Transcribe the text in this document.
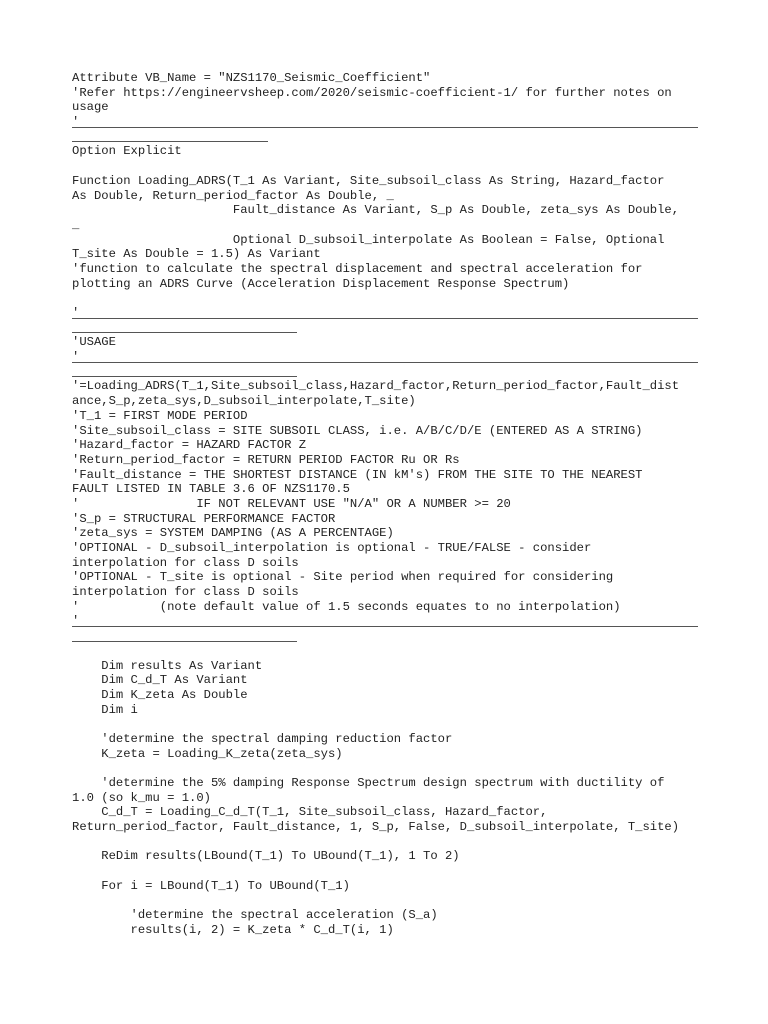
Attribute VB_Name = "NZS1170_Seismic_Coefficient"
'Refer https://engineervsheep.com/2020/seismic-coefficient-1/ for further notes on
usage
'
Option Explicit
Function Loading_ADRS(T_1 As Variant, Site_subsoil_class As String, Hazard_factor
As Double, Return_period_factor As Double, _
Fault_distance As Variant, S_p As Double, zeta_sys As Double,
_
Optional D_subsoil_interpolate As Boolean = False, Optional
T_site As Double = 1.5) As Variant
'function to calculate the spectral displacement and spectral acceleration for
plotting an ADRS Curve (Acceleration Displacement Response Spectrum)
'
'USAGE
'
'=Loading_ADRS(T_1,Site_subsoil_class,Hazard_factor,Return_period_factor,Fault_dist
ance,S_p,zeta_sys,D_subsoil_interpolate,T_site)
'T_1 = FIRST MODE PERIOD
'Site_subsoil_class = SITE SUBSOIL CLASS, i.e. A/B/C/D/E (ENTERED AS A STRING)
'Hazard_factor = HAZARD FACTOR Z
'Return_period_factor = RETURN PERIOD FACTOR Ru OR Rs
'Fault_distance = THE SHORTEST DISTANCE (IN kM's) FROM THE SITE TO THE NEAREST
FAULT LISTED IN TABLE 3.6 OF NZS1170.5
'                IF NOT RELEVANT USE "N/A" OR A NUMBER >= 20
'S_p = STRUCTURAL PERFORMANCE FACTOR
'zeta_sys = SYSTEM DAMPING (AS A PERCENTAGE)
'OPTIONAL - D_subsoil_interpolation is optional - TRUE/FALSE - consider
interpolation for class D soils
'OPTIONAL - T_site is optional - Site period when required for considering
interpolation for class D soils
'           (note default value of 1.5 seconds equates to no interpolation)
'
Dim results As Variant
Dim C_d_T As Variant
Dim K_zeta As Double
Dim i
'determine the spectral damping reduction factor
K_zeta = Loading_K_zeta(zeta_sys)
'determine the 5% damping Response Spectrum design spectrum with ductility of
1.0 (so k_mu = 1.0)
C_d_T = Loading_C_d_T(T_1, Site_subsoil_class, Hazard_factor,
Return_period_factor, Fault_distance, 1, S_p, False, D_subsoil_interpolate, T_site)
ReDim results(LBound(T_1) To UBound(T_1), 1 To 2)
For i = LBound(T_1) To UBound(T_1)
'determine the spectral acceleration (S_a)
results(i, 2) = K_zeta * C_d_T(i, 1)
